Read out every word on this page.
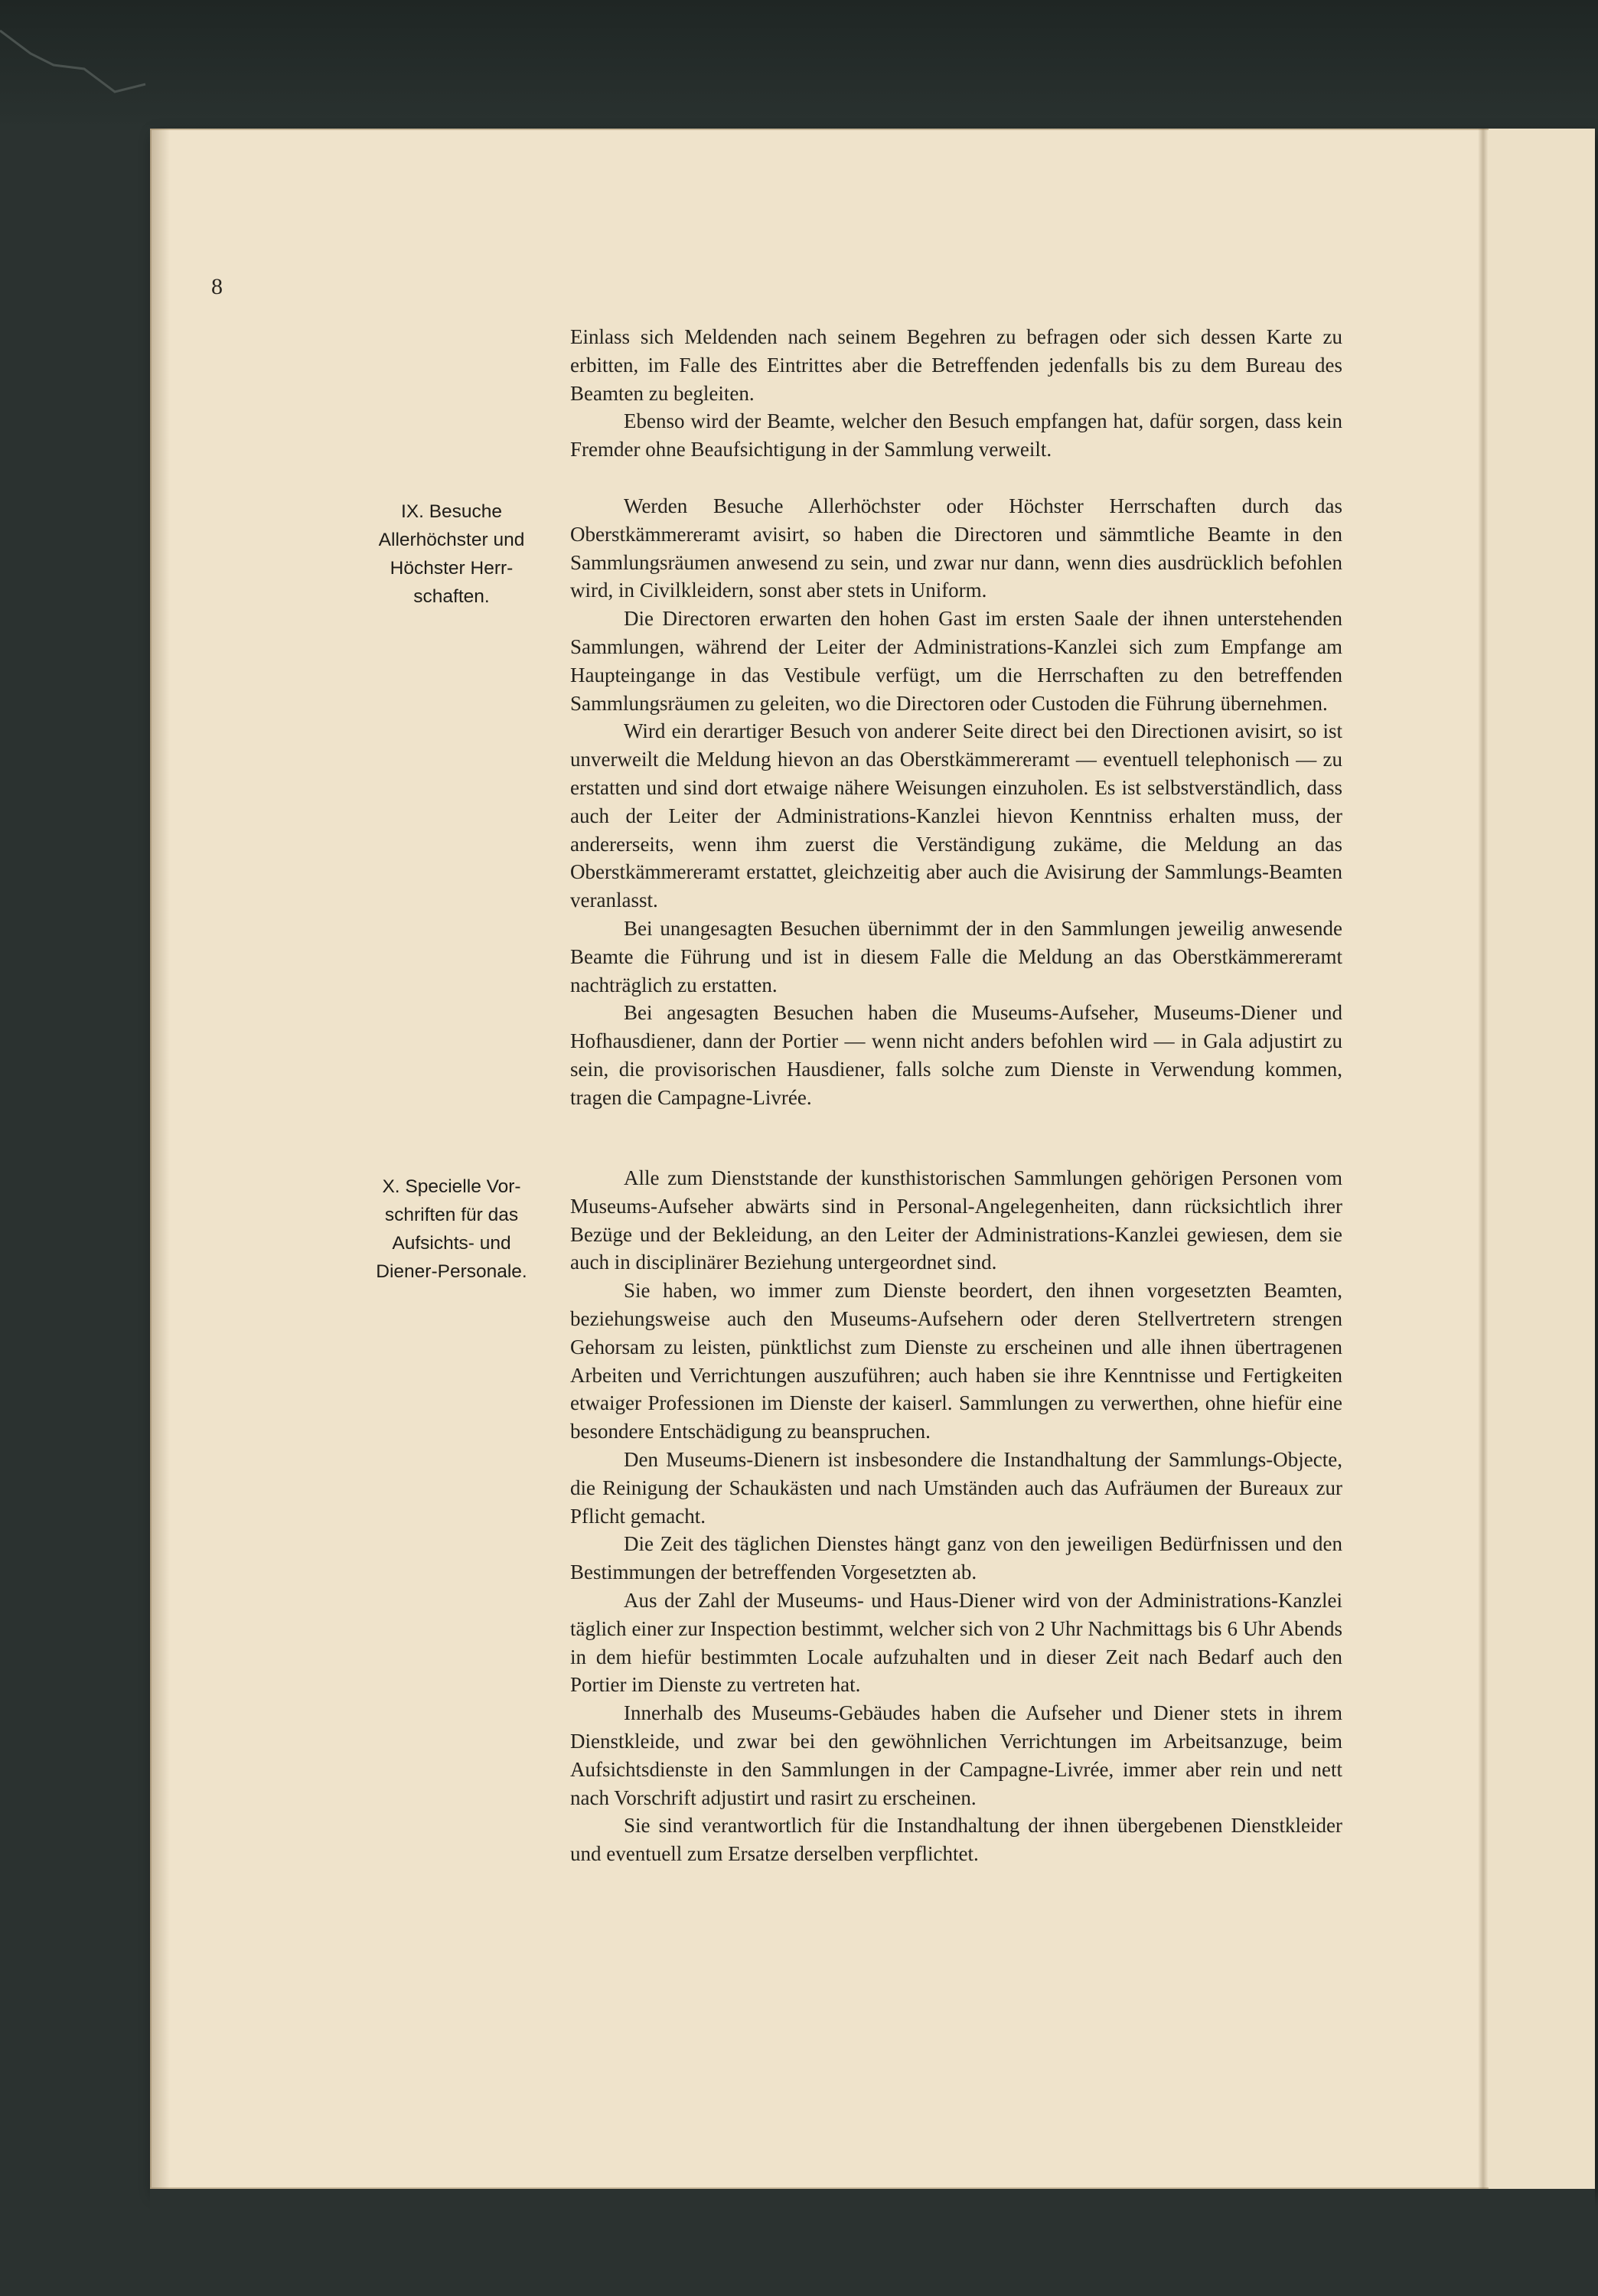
8

IX. Besuche

Allerhöchster und

Höchster Herr-

schaften.

X. Specielle Vor-

schriften für das

Aufsichts- und

Diener-Personale.

Einlass sich Meldenden nach seinem Begehren zu befragen oder sich dessen Karte zu erbitten, im Falle des Eintrittes aber die Betreffenden jedenfalls bis zu dem Bureau des Beamten zu begleiten.

Ebenso wird der Beamte, welcher den Besuch empfangen hat, dafür sorgen, dass kein Fremder ohne Beaufsichtigung in der Sammlung verweilt.

Werden Besuche Allerhöchster oder Höchster Herrschaften durch das Oberstkämmereramt avisirt, so haben die Directoren und sämmtliche Beamte in den Sammlungsräumen anwesend zu sein, und zwar nur dann, wenn dies ausdrücklich befohlen wird, in Civilkleidern, sonst aber stets in Uniform.

Die Directoren erwarten den hohen Gast im ersten Saale der ihnen unterstehenden Sammlungen, während der Leiter der Administrations-Kanzlei sich zum Empfange am Haupteingange in das Vestibule verfügt, um die Herrschaften zu den betreffenden Sammlungsräumen zu geleiten, wo die Directoren oder Custoden die Führung übernehmen.

Wird ein derartiger Besuch von anderer Seite direct bei den Directionen avisirt, so ist unverweilt die Meldung hievon an das Oberstkämmereramt — eventuell telephonisch — zu erstatten und sind dort etwaige nähere Weisungen einzuholen. Es ist selbstverständlich, dass auch der Leiter der Administrations-Kanzlei hievon Kenntniss erhalten muss, der andererseits, wenn ihm zuerst die Verständigung zukäme, die Meldung an das Oberstkämmereramt erstattet, gleichzeitig aber auch die Avisirung der Sammlungs-Beamten veranlasst.

Bei unangesagten Besuchen übernimmt der in den Sammlungen jeweilig anwesende Beamte die Führung und ist in diesem Falle die Meldung an das Oberstkämmereramt nachträglich zu erstatten.

Bei angesagten Besuchen haben die Museums-Aufseher, Museums-Diener und Hofhausdiener, dann der Portier — wenn nicht anders befohlen wird — in Gala adjustirt zu sein, die provisorischen Hausdiener, falls solche zum Dienste in Verwendung kommen, tragen die Campagne-Livrée.

Alle zum Dienststande der kunsthistorischen Sammlungen gehörigen Personen vom Museums-Aufseher abwärts sind in Personal-Angelegenheiten, dann rücksichtlich ihrer Bezüge und der Bekleidung, an den Leiter der Administrations-Kanzlei gewiesen, dem sie auch in disciplinärer Beziehung untergeordnet sind.

Sie haben, wo immer zum Dienste beordert, den ihnen vorgesetzten Beamten, beziehungsweise auch den Museums-Aufsehern oder deren Stellvertretern strengen Gehorsam zu leisten, pünktlichst zum Dienste zu erscheinen und alle ihnen übertragenen Arbeiten und Verrichtungen auszuführen; auch haben sie ihre Kenntnisse und Fertigkeiten etwaiger Professionen im Dienste der kaiserl. Sammlungen zu verwerthen, ohne hiefür eine besondere Entschädigung zu beanspruchen.

Den Museums-Dienern ist insbesondere die Instandhaltung der Sammlungs-Objecte, die Reinigung der Schaukästen und nach Umständen auch das Aufräumen der Bureaux zur Pflicht gemacht.

Die Zeit des täglichen Dienstes hängt ganz von den jeweiligen Bedürfnissen und den Bestimmungen der betreffenden Vorgesetzten ab.

Aus der Zahl der Museums- und Haus-Diener wird von der Administrations-Kanzlei täglich einer zur Inspection bestimmt, welcher sich von 2 Uhr Nachmittags bis 6 Uhr Abends in dem hiefür bestimmten Locale aufzuhalten und in dieser Zeit nach Bedarf auch den Portier im Dienste zu vertreten hat.

Innerhalb des Museums-Gebäudes haben die Aufseher und Diener stets in ihrem Dienstkleide, und zwar bei den gewöhnlichen Verrichtungen im Arbeitsanzuge, beim Aufsichtsdienste in den Sammlungen in der Campagne-Livrée, immer aber rein und nett nach Vorschrift adjustirt und rasirt zu erscheinen.

Sie sind verantwortlich für die Instandhaltung der ihnen übergebenen Dienstkleider und eventuell zum Ersatze derselben verpflichtet.
